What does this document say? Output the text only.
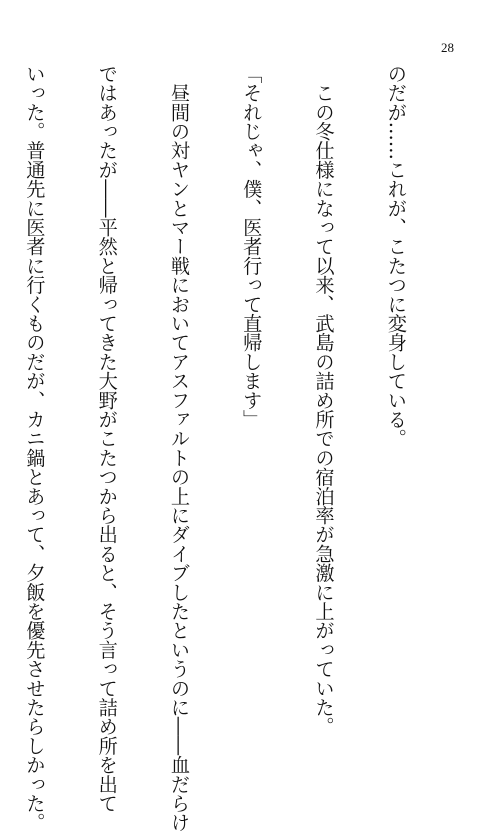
28

のだが……これが、こたつに変身している。

　この冬仕様になって以来、武島の詰め所での宿泊率が急激に上がっていた。

「それじゃ、僕、医者行って直帰します」

　昼間の対ヤンとマー戦においてアスファルトの上にダイブしたというのに――血だらけ

ではあったが――平然と帰ってきた大野がこたつから出ると、そう言って詰め所を出て

いった。普通先に医者に行くものだが、カニ鍋とあって、夕飯を優先させたらしかった。
